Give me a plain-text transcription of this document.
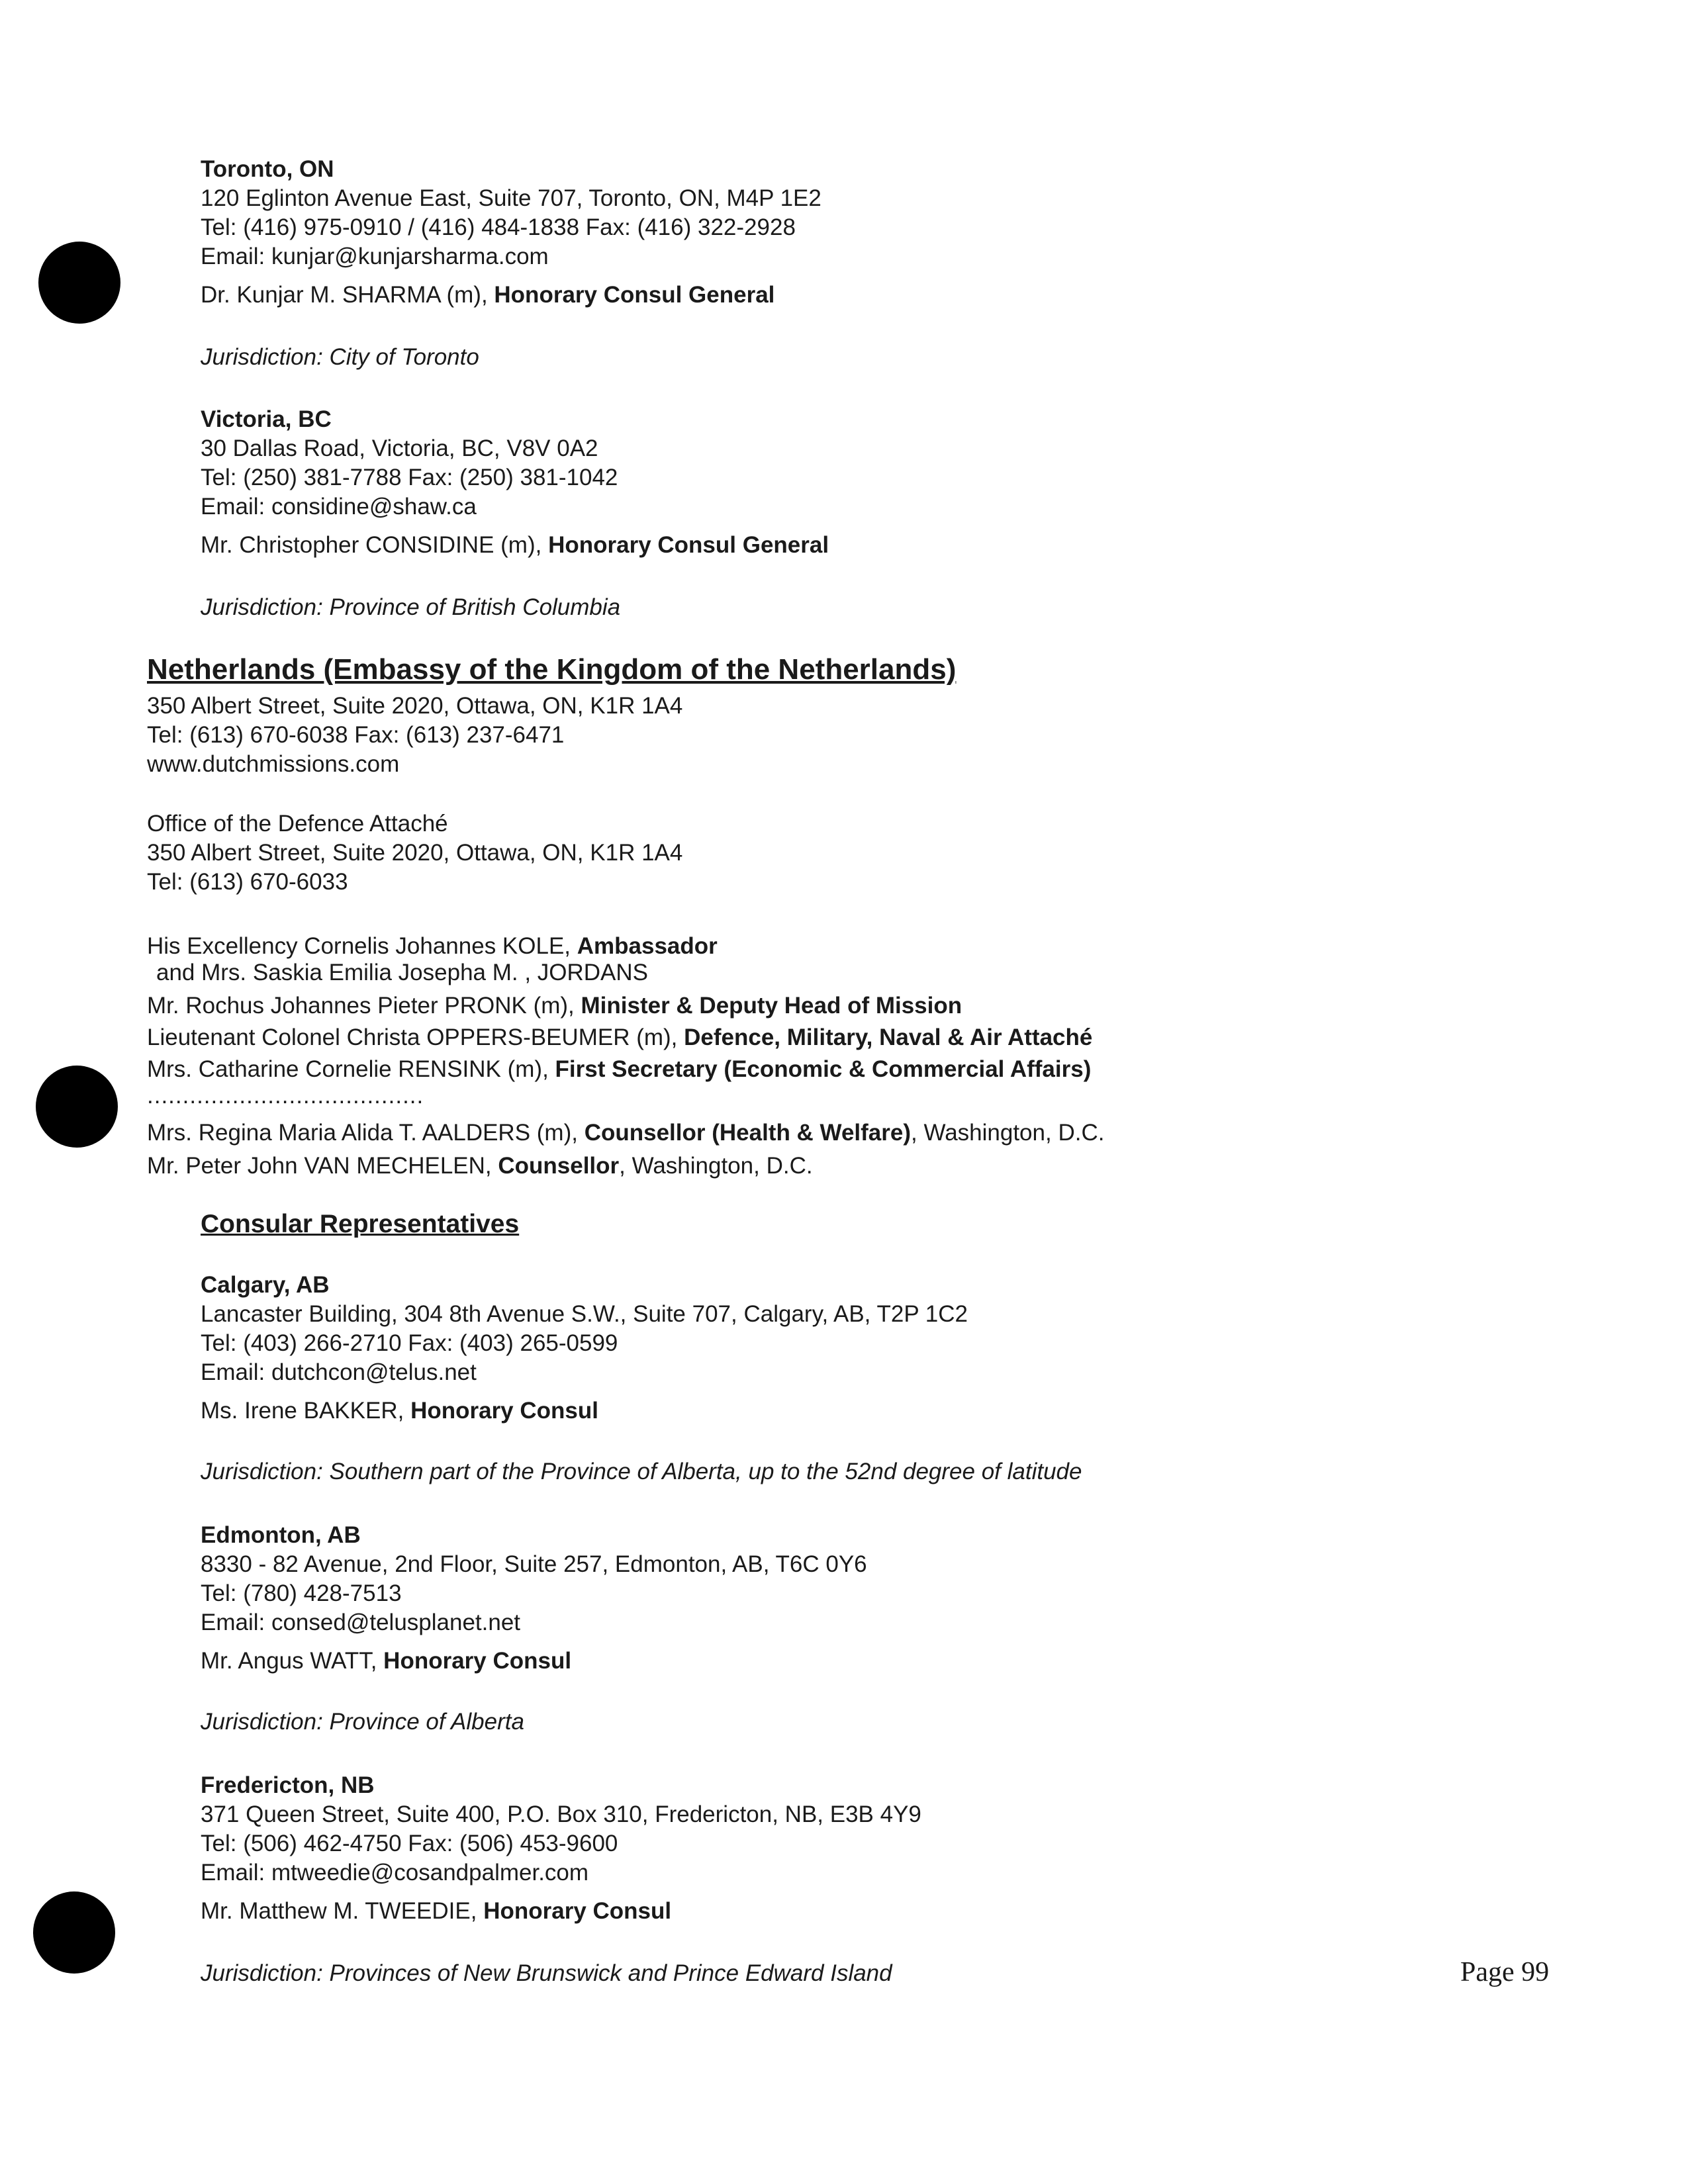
Toronto, ON

120 Eglinton Avenue East, Suite 707, Toronto, ON, M4P 1E2

Tel: (416) 975-0910 / (416) 484-1838 Fax: (416) 322-2928

Email: kunjar@kunjarsharma.com

Dr. Kunjar M. SHARMA (m), Honorary Consul General

Jurisdiction: City of Toronto

Victoria, BC

30 Dallas Road, Victoria, BC, V8V 0A2

Tel: (250) 381-7788 Fax: (250) 381-1042

Email: considine@shaw.ca

Mr. Christopher CONSIDINE (m), Honorary Consul General

Jurisdiction: Province of British Columbia

Netherlands (Embassy of the Kingdom of the Netherlands)

350 Albert Street, Suite 2020, Ottawa, ON, K1R 1A4

Tel: (613) 670-6038 Fax: (613) 237-6471

www.dutchmissions.com

Office of the Defence Attaché

350 Albert Street, Suite 2020, Ottawa, ON, K1R 1A4

Tel: (613) 670-6033

His Excellency Cornelis Johannes KOLE, Ambassador

and Mrs. Saskia Emilia Josepha M. , JORDANS

Mr. Rochus Johannes Pieter PRONK (m), Minister & Deputy Head of Mission

Lieutenant Colonel Christa OPPERS-BEUMER (m), Defence, Military, Naval & Air Attaché

Mrs. Catharine Cornelie RENSINK (m), First Secretary (Economic & Commercial Affairs)

.......................................

Mrs. Regina Maria Alida T. AALDERS (m), Counsellor (Health & Welfare), Washington, D.C.

Mr. Peter John VAN MECHELEN, Counsellor, Washington, D.C.

Consular Representatives

Calgary, AB

Lancaster Building, 304 8th Avenue S.W., Suite 707, Calgary, AB, T2P 1C2

Tel: (403) 266-2710 Fax: (403) 265-0599

Email: dutchcon@telus.net

Ms. Irene BAKKER, Honorary Consul

Jurisdiction: Southern part of the Province of Alberta, up to the 52nd degree of latitude

Edmonton, AB

8330 - 82 Avenue, 2nd Floor, Suite 257, Edmonton, AB, T6C 0Y6

Tel: (780) 428-7513

Email: consed@telusplanet.net

Mr. Angus WATT, Honorary Consul

Jurisdiction: Province of Alberta

Fredericton, NB

371 Queen Street, Suite 400, P.O. Box 310, Fredericton, NB, E3B 4Y9

Tel: (506) 462-4750 Fax: (506) 453-9600

Email: mtweedie@cosandpalmer.com

Mr. Matthew M. TWEEDIE, Honorary Consul

Jurisdiction: Provinces of New Brunswick and Prince Edward Island	Page 99
